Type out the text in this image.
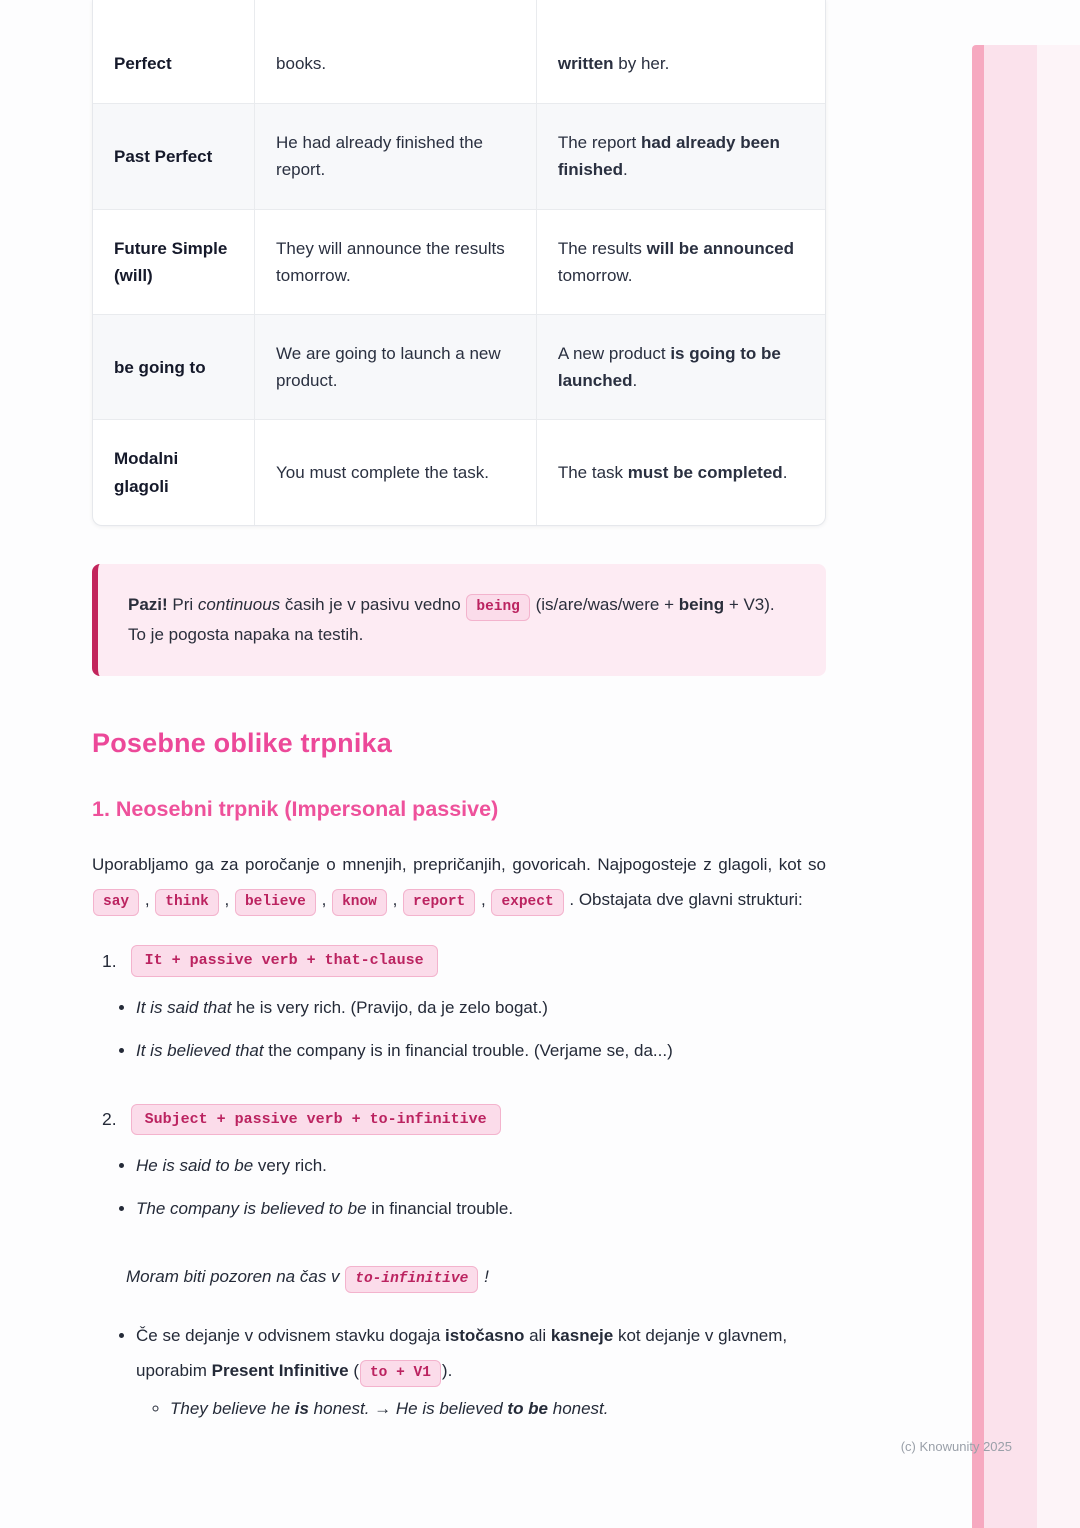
Perfect	books.	written by her.
Past Perfect	He had already finished the report.	The report had already been finished.
Future Simple (will)	They will announce the results tomorrow.	The results will be announced tomorrow.
be going to	We are going to launch a new product.	A new product is going to be launched.
Modalni glagoli	You must complete the task.	The task must be completed.

Pazi! Pri continuous časih je v pasivu vedno being (is/are/was/were + being + V3). To je pogosta napaka na testih.

Posebne oblike trpnika
1. Neosebni trpnik (Impersonal passive)

Uporabljamo ga za poročanje o mnenjih, prepričanjih, govoricah. Najpogosteje z glagoli, kot so say , think , believe , know , report , expect . Obstajata dve glavni strukturi:

1.	It + passive verb + that-clause
• It is said that he is very rich. (Pravijo, da je zelo bogat.)
• It is believed that the company is in financial trouble. (Verjame se, da...)
2.	Subject + passive verb + to-infinitive
• He is said to be very rich.
• The company is believed to be in financial trouble.

Moram biti pozoren na čas v to-infinitive !

• Če se dejanje v odvisnem stavku dogaja istočasno ali kasneje kot dejanje v glavnem, uporabim Present Infinitive ( to + V1 ).
◦ They believe he is honest. → He is believed to be honest.
(c) Knowunity 2025
